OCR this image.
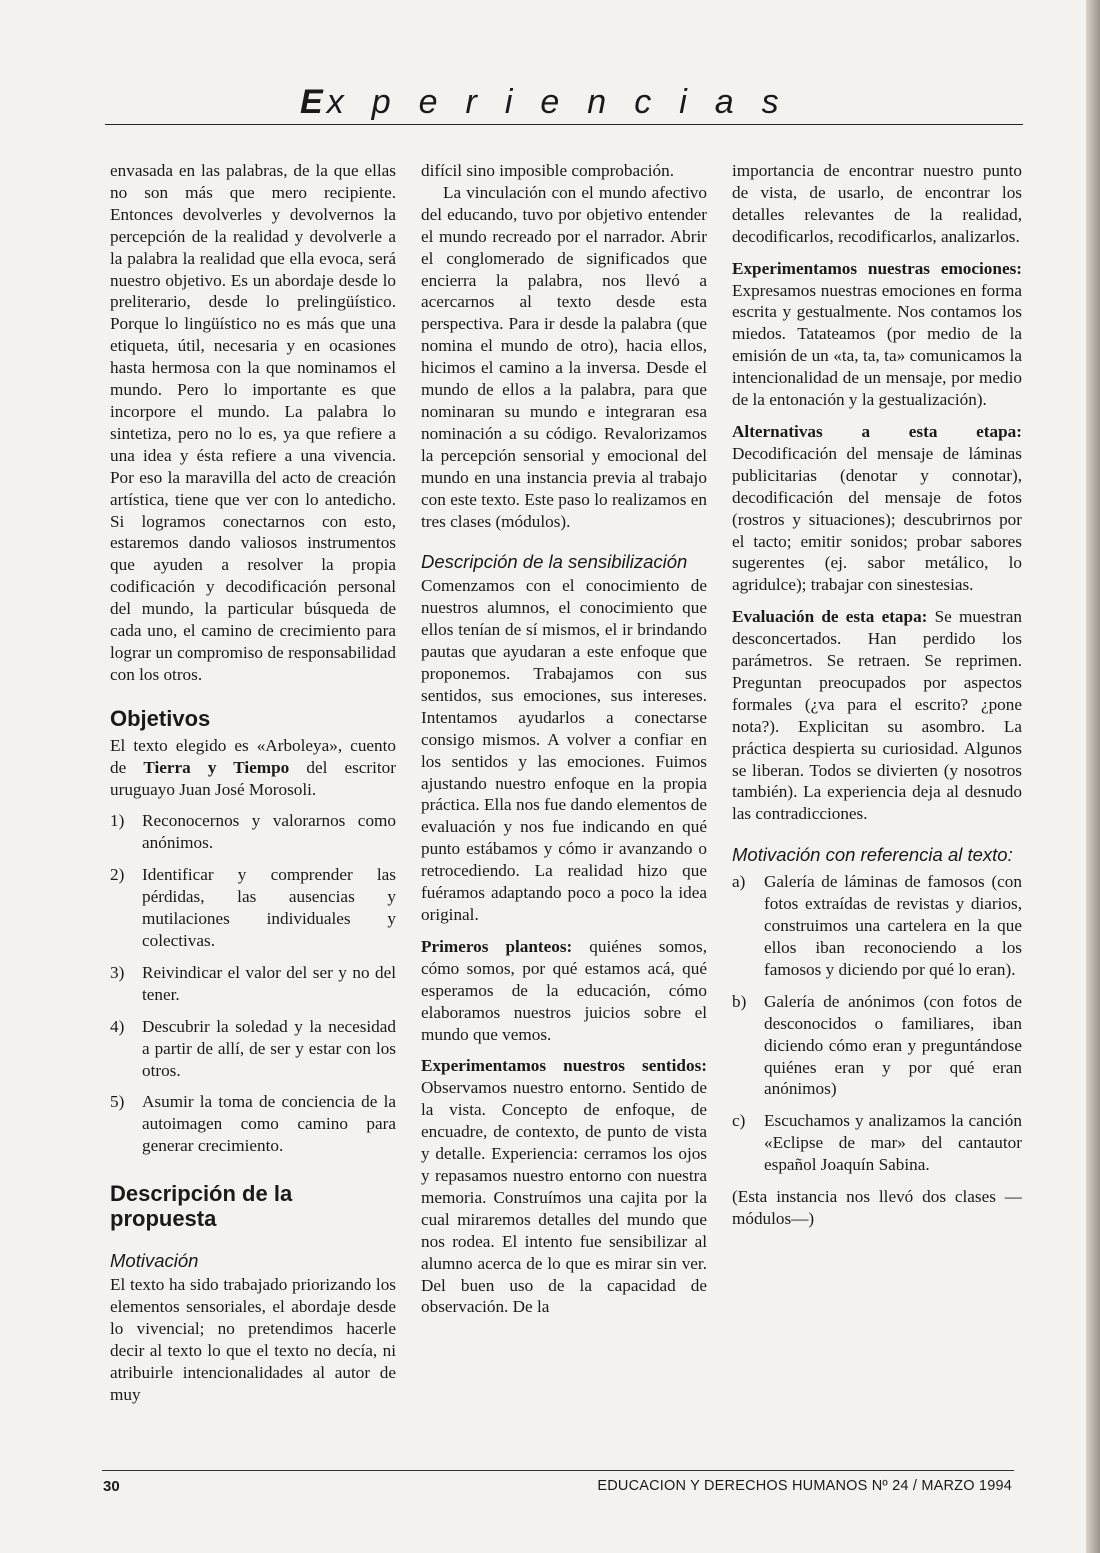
E xperiencias

envasada en las palabras, de la que ellas no son más que mero recipiente. Entonces devolverles y devolvernos la percepción de la realidad y devolverle a la palabra la realidad que ella evoca, será nuestro objetivo. Es un abordaje desde lo preliterario, desde lo prelingüístico. Porque lo lingüístico no es más que una etiqueta, útil, necesaria y en ocasiones hasta hermosa con la que nominamos el mundo. Pero lo importante es que incorpore el mundo. La palabra lo sintetiza, pero no lo es, ya que refiere a una idea y ésta refiere a una vivencia. Por eso la maravilla del acto de creación artística, tiene que ver con lo antedicho. Si logramos conectarnos con esto, estaremos dando valiosos instrumentos que ayuden a resolver la propia codificación y decodificación personal del mundo, la particular búsqueda de cada uno, el camino de crecimiento para lograr un compromiso de responsabilidad con los otros.

Objetivos

El texto elegido es «Arboleya», cuento de Tierra y Tiempo del escritor uruguayo Juan José Morosoli.

1)	Reconocernos y valorarnos como anónimos.
2)	Identificar y comprender las pérdidas, las ausencias y mutilaciones individuales y colectivas.
3)	Reivindicar el valor del ser y no del tener.
4)	Descubrir la soledad y la necesidad a partir de allí, de ser y estar con los otros.
5)	Asumir la toma de conciencia de la autoimagen como camino para generar crecimiento.
Descripción de la propuesta
Motivación

El texto ha sido trabajado priorizando los elementos sensoriales, el abordaje desde lo vivencial; no pretendimos hacerle decir al texto lo que el texto no decía, ni atribuirle intencionalidades al autor de muy

difícil sino imposible comprobación.

La vinculación con el mundo afectivo del educando, tuvo por objetivo entender el mundo recreado por el narrador. Abrir el conglomerado de significados que encierra la palabra, nos llevó a acercarnos al texto desde esta perspectiva. Para ir desde la palabra (que nomina el mundo de otro), hacia ellos, hicimos el camino a la inversa. Desde el mundo de ellos a la palabra, para que nominaran su mundo e integraran esa nominación a su código. Revalorizamos la percepción sensorial y emocional del mundo en una instancia previa al trabajo con este texto. Este paso lo realizamos en tres clases (módulos).

Descripción de la sensibilización

Comenzamos con el conocimiento de nuestros alumnos, el conocimiento que ellos tenían de sí mismos, el ir brindando pautas que ayudaran a este enfoque que proponemos. Trabajamos con sus sentidos, sus emociones, sus intereses. Intentamos ayudarlos a conectarse consigo mismos. A volver a confiar en los sentidos y las emociones. Fuimos ajustando nuestro enfoque en la propia práctica. Ella nos fue dando elementos de evaluación y nos fue indicando en qué punto estábamos y cómo ir avanzando o retrocediendo. La realidad hizo que fuéramos adaptando poco a poco la idea original.

Primeros planteos: quiénes somos, cómo somos, por qué estamos acá, qué esperamos de la educación, cómo elaboramos nuestros juicios sobre el mundo que vemos.

Experimentamos nuestros sentidos: Observamos nuestro entorno. Sentido de la vista. Concepto de enfoque, de encuadre, de contexto, de punto de vista y detalle. Experiencia: cerramos los ojos y repasamos nuestro entorno con nuestra memoria. Construímos una cajita por la cual miraremos detalles del mundo que nos rodea. El intento fue sensibilizar al alumno acerca de lo que es mirar sin ver. Del buen uso de la capacidad de observación. De la

importancia de encontrar nuestro punto de vista, de usarlo, de encontrar los detalles relevantes de la realidad, decodificarlos, recodificarlos, analizarlos.

Experimentamos nuestras emociones: Expresamos nuestras emociones en forma escrita y gestualmente. Nos contamos los miedos. Tatateamos (por medio de la emisión de un «ta, ta, ta» comunicamos la intencionalidad de un mensaje, por medio de la entonación y la gestualización).

Alternativas a esta etapa: Decodificación del mensaje de láminas publicitarias (denotar y connotar), decodificación del mensaje de fotos (rostros y situaciones); descubrirnos por el tacto; emitir sonidos; probar sabores sugerentes (ej. sabor metálico, lo agridulce); trabajar con sinestesias.

Evaluación de esta etapa: Se muestran desconcertados. Han perdido los parámetros. Se retraen. Se reprimen. Preguntan preocupados por aspectos formales (¿va para el escrito? ¿pone nota?). Explicitan su asombro. La práctica despierta su curiosidad. Algunos se liberan. Todos se divierten (y nosotros también). La experiencia deja al desnudo las contradicciones.

Motivación con referencia al texto:
a)	Galería de láminas de famosos (con fotos extraídas de revistas y diarios, construimos una cartelera en la que ellos iban reconociendo a los famosos y diciendo por qué lo eran).
b)	Galería de anónimos (con fotos de desconocidos o familiares, iban diciendo cómo eran y preguntándose quiénes eran y por qué eran anónimos)
c)	Escuchamos y analizamos la canción «Eclipse de mar» del cantautor español Joaquín Sabina.

(Esta instancia nos llevó dos clases —módulos—)

30	EDUCACION Y DERECHOS HUMANOS Nº 24 / MARZO 1994
